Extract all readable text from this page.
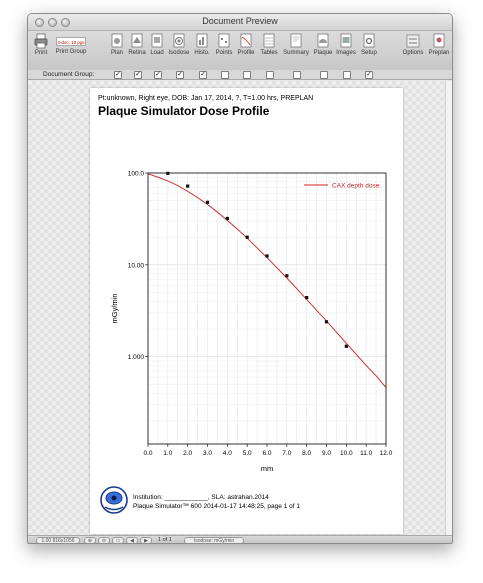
Document Preview
Print
4-doc, 10 pgs
Print Group	Plan Retina Load Isodose Histo. Points Profile Tables Summary Plaque Images Setup	Options Preplan
Document Group:	✓ ✓ ✓ ✓ ✓	✓
Pt:unknown, Right eye, DOB: Jan 17, 2014, ?, T=1.00 hrs, PREPLAN
Plaque Simulator Dose Profile
0.0 1.0 2.0 3.0 4.0 5.0 6.0 7.0 8.0 9.0 10.0 11.0 12.0
100.0
10.00
1.000
mm
mGy/min
CAX depth dose
Institution: ____________, SLA: astrahan.2014
Plaque Simulator™ 600 2014-01-17 14:48:25, page 1 of 1
1.00 816x1056	⊕	⊖	▭	◀	▶	1 of 1	Isodose: mGy/min
